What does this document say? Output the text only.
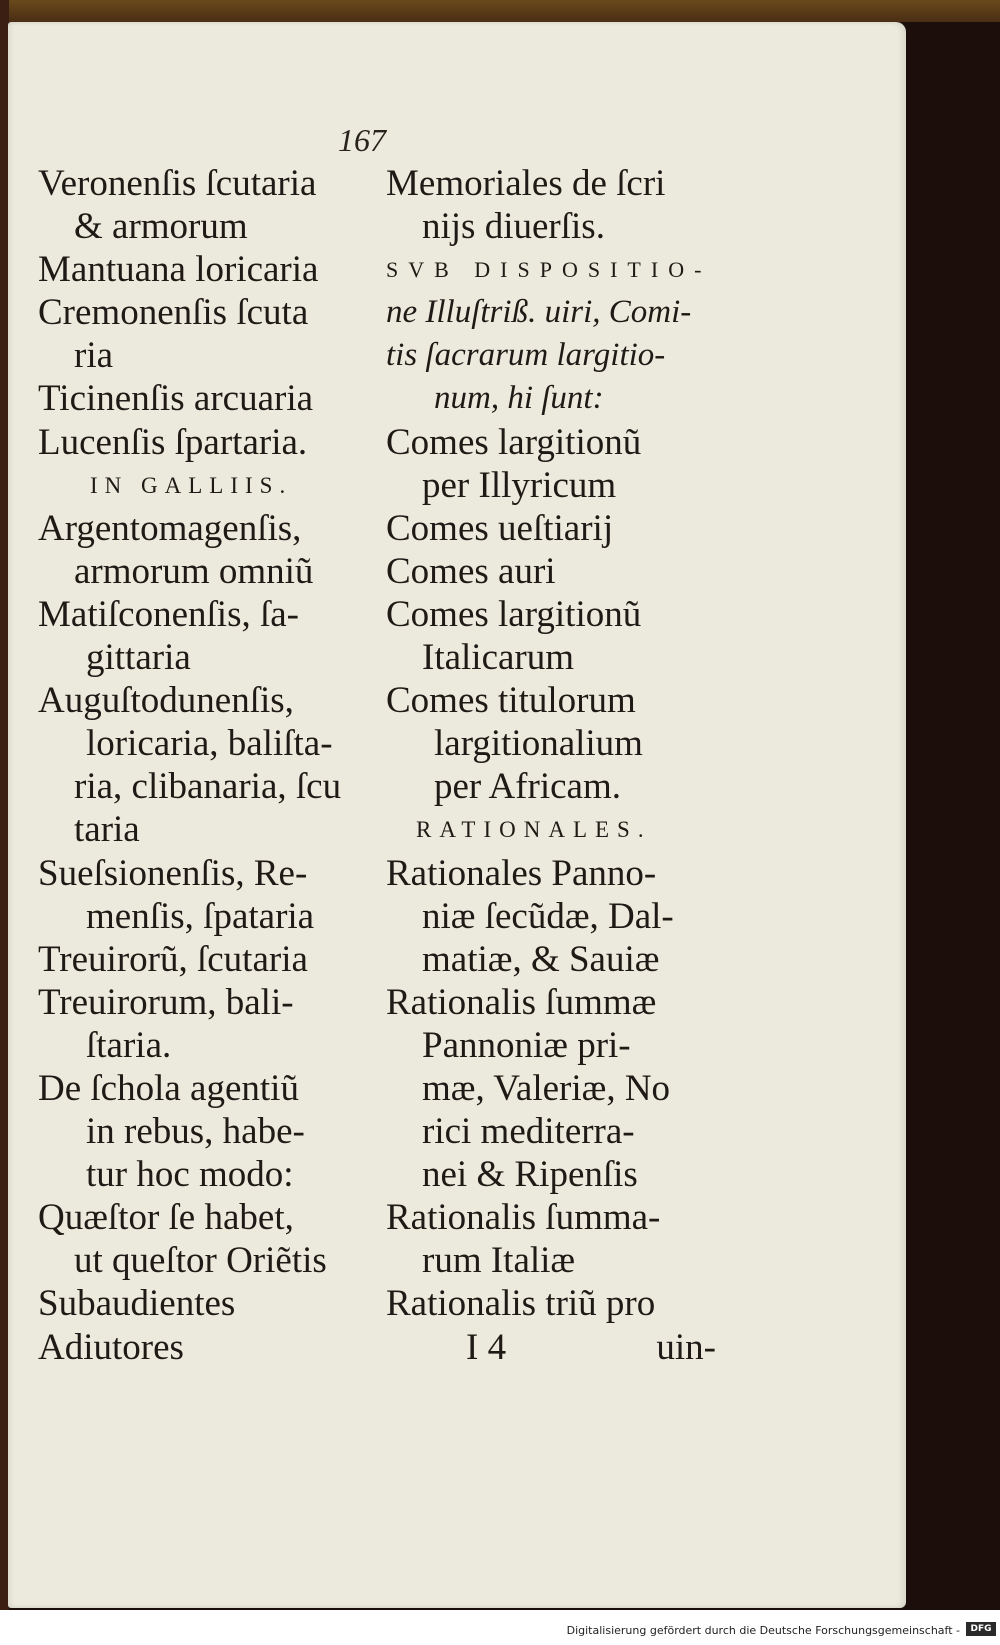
167
Veronenſis ſcutaria
& armorum
Mantuana loricaria
Cremonenſis ſcuta
ria
Ticinenſis arcuaria
Lucenſis ſpartaria.
IN GALLIIS.
Argentomagenſis,
armorum omniũ
Matiſconenſis, ſa-
gittaria
Auguſtodunenſis,
loricaria, baliſta-
ria, clibanaria, ſcu
taria
Sueſsionenſis, Re-
menſis, ſpataria
Treuirorũ, ſcutaria
Treuirorum, bali-
ſtaria.
De ſchola agentiũ
in rebus, habe-
tur hoc modo:
Quæſtor ſe habet,
ut queſtor Oriẽtis
Subaudientes
Adiutores
Memoriales de ſcri
nijs diuerſis.
SVB DISPOSITIO-
ne Illuſtriß. uiri, Comi-
tis ſacrarum largitio-
num, hi ſunt:
Comes largitionũ
per Illyricum
Comes ueſtiarij
Comes auri
Comes largitionũ
Italicarum
Comes titulorum
largitionalium
per Africam.
RATIONALES.
Rationales Panno-
niæ ſecũdæ, Dal-
matiæ, & Sauiæ
Rationalis ſummæ
Pannoniæ pri-
mæ, Valeriæ, No
rici mediterra-
nei & Ripenſis
Rationalis ſumma-
rum Italiæ
Rationalis triũ pro
I 4	uin-
Digitalisierung gefördert durch die Deutsche Forschungsgemeinschaft -	DFG
